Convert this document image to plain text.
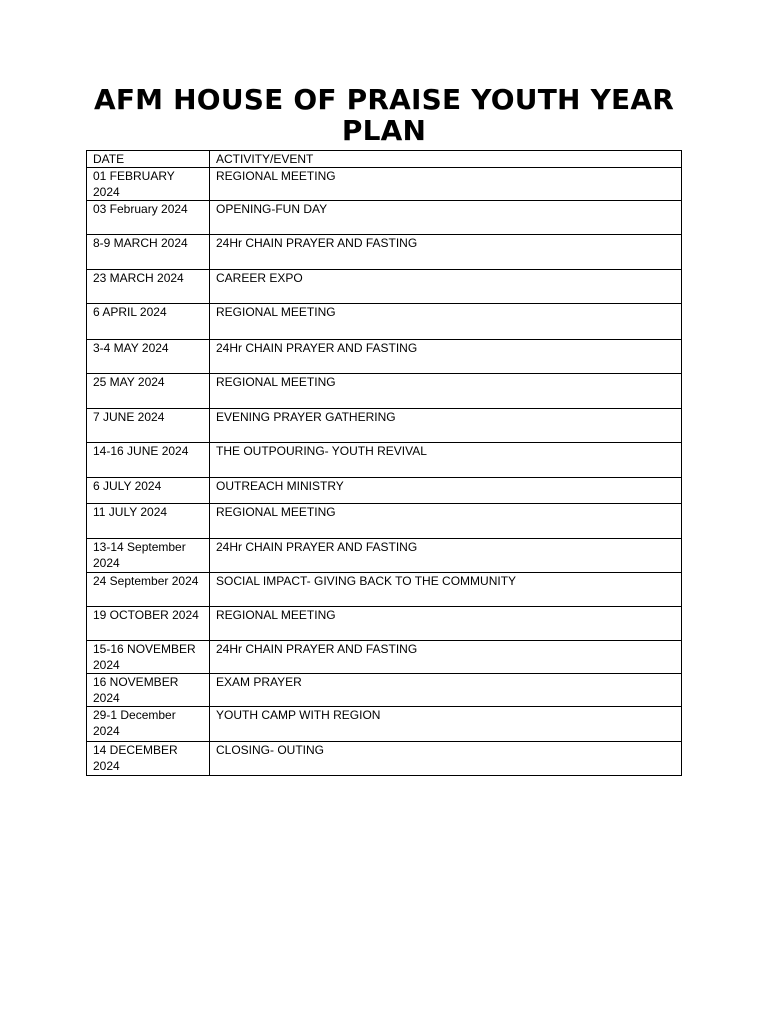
AFM HOUSE OF PRAISE YOUTH YEAR PLAN
DATE	ACTIVITY/EVENT
01 FEBRUARY 2024	REGIONAL MEETING
03 February 2024	OPENING-FUN DAY
8-9 MARCH 2024	24Hr CHAIN PRAYER AND FASTING
23 MARCH 2024	CAREER EXPO
6 APRIL 2024	REGIONAL MEETING
3-4 MAY 2024	24Hr CHAIN PRAYER AND FASTING
25 MAY 2024	REGIONAL MEETING
7 JUNE 2024	EVENING PRAYER GATHERING
14-16 JUNE 2024	THE OUTPOURING- YOUTH REVIVAL
6 JULY 2024	OUTREACH MINISTRY
11 JULY 2024	REGIONAL MEETING
13-14 September 2024	24Hr CHAIN PRAYER AND FASTING
24 September 2024	SOCIAL IMPACT- GIVING BACK TO THE COMMUNITY
19 OCTOBER 2024	REGIONAL MEETING
15-16 NOVEMBER 2024	24Hr CHAIN PRAYER AND FASTING
16 NOVEMBER 2024	EXAM PRAYER
29-1 December 2024	YOUTH CAMP WITH REGION
14 DECEMBER 2024	CLOSING- OUTING
